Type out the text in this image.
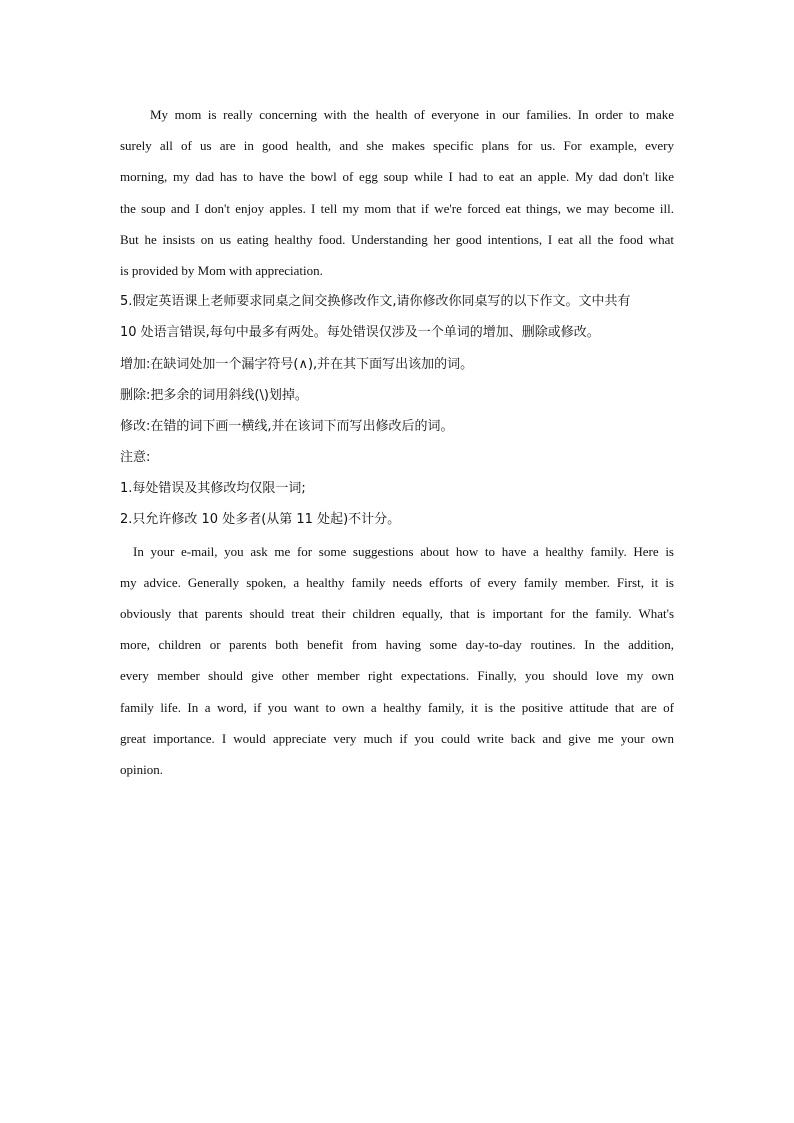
My mom is really concerning with the health of everyone in our families. In order to make
surely all of us are in good health, and she makes specific plans for us. For example, every
morning, my dad has to have the bowl of egg soup while I had to eat an apple. My dad don't like
the soup and I don't enjoy apples. I tell my mom that if we're forced eat things, we may become ill.
But he insists on us eating healthy food. Understanding her good intentions, I eat all the food what
is provided by Mom with appreciation.
5.假定英语课上老师要求同桌之间交换修改作文,请你修改你同桌写的以下作文。文中共有
10 处语言错误,每句中最多有两处。每处错误仅涉及一个单词的增加、删除或修改。
增加:在缺词处加一个漏字符号(∧),并在其下面写出该加的词。
删除:把多余的词用斜线(\)划掉。
修改:在错的词下画一横线,并在该词下而写出修改后的词。
注意:
1.每处错误及其修改均仅限一词;
2.只允许修改 10 处多者(从第 11 处起)不计分。
In your e-mail, you ask me for some suggestions about how to have a healthy family. Here is
my advice. Generally spoken, a healthy family needs efforts of every family member. First, it is
obviously that parents should treat their children equally, that is important for the family. What's
more, children or parents both benefit from having some day-to-day routines. In the addition,
every member should give other member right expectations. Finally, you should love my own
family life. In a word, if you want to own a healthy family, it is the positive attitude that are of
great importance. I would appreciate very much if you could write back and give me your own
opinion.
